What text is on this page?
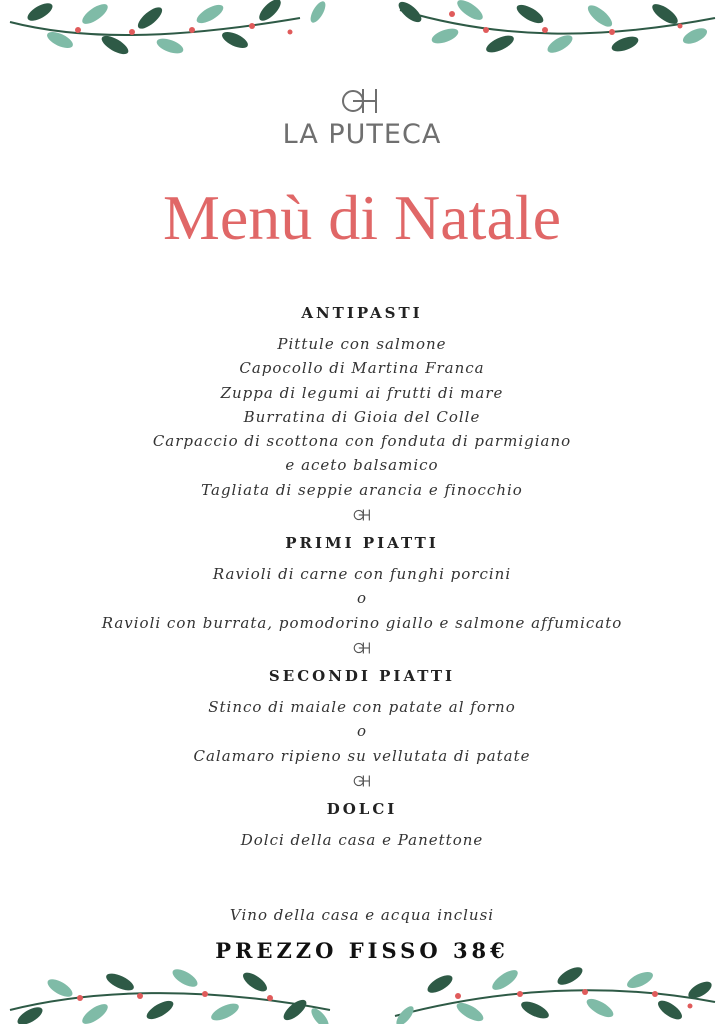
LA PUTECA
Menù di Natale
ANTIPASTI
Pittule con salmone
Capocollo di Martina Franca
Zuppa di legumi ai frutti di mare
Burratina di Gioia del Colle
Carpaccio di scottona con fonduta di parmigiano
e aceto balsamico
Tagliata di seppie arancia e finocchio
PRIMI PIATTI
Ravioli di carne con funghi porcini
o
Ravioli con burrata, pomodorino giallo e salmone affumicato
SECONDI PIATTI
Stinco di maiale con patate al forno
o
Calamaro ripieno su vellutata di patate
DOLCI
Dolci della casa e Panettone
Vino della casa e acqua inclusi
PREZZO FISSO 38€
